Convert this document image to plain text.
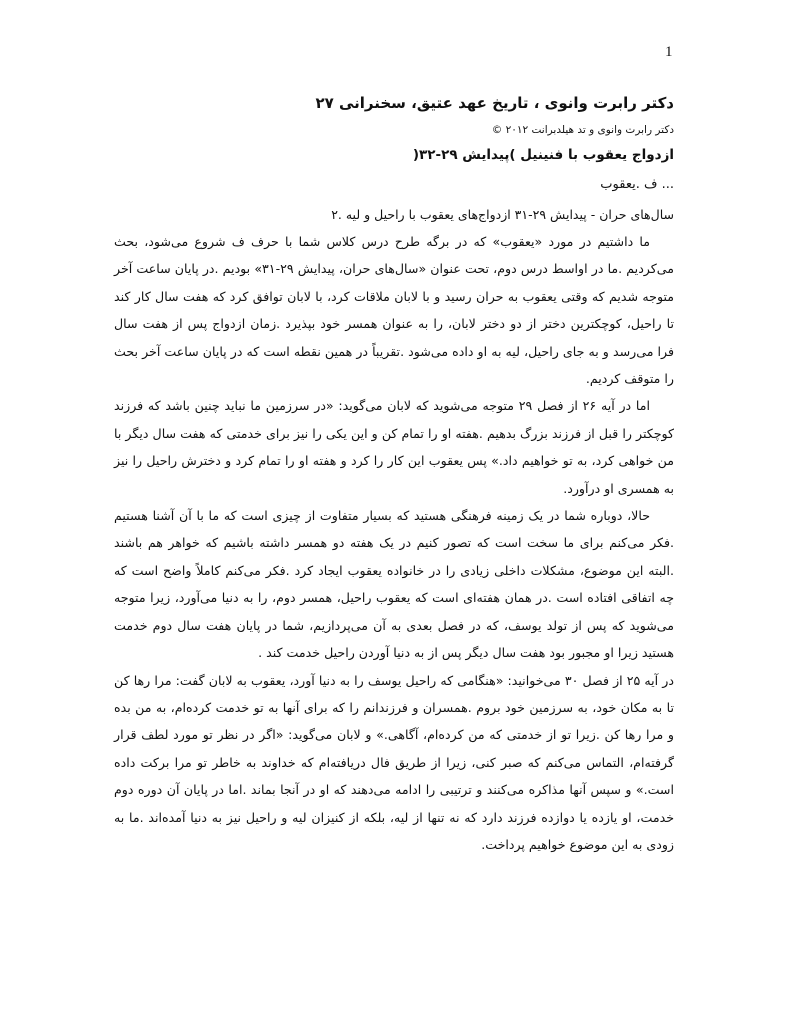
1
دکتر رابرت وانوی ، تاریخ عهد عتیق، سخنرانی ۲۷

دکتر رابرت وانوی و تد هیلدبرانت ۲۰۱۲ ©

ازدواج یعقوب با فنینیل )پیدایش ۲۹-۳۲(

... ف .یعقوب

سال‌های حران - پیدایش ۲۹-۳۱ ازدواج‌های یعقوب با راحیل و لیه .۲

ما داشتیم در مورد «یعقوب» که در برگه طرح درس کلاس شما با حرف ف شروع می‌شود، بحث می‌کردیم .ما در اواسط درس دوم، تحت عنوان «سال‌های حران، پیدایش ۲۹-۳۱» بودیم .در پایان ساعت آخر متوجه شدیم که وقتی یعقوب به حران رسید و با لابان ملاقات کرد، با لابان توافق کرد که هفت سال کار کند تا راحیل، کوچکترین دختر از دو دختر لابان، را به عنوان همسر خود بپذیرد .زمان ازدواج پس از هفت سال فرا می‌رسد و به جای راحیل، لیه به او داده می‌شود .تقریباً در همین نقطه است که در پایان ساعت آخر بحث را متوقف کردیم.

اما در آیه ۲۶ از فصل ۲۹ متوجه می‌شوید که لابان می‌گوید: «در سرزمین ما نباید چنین باشد که فرزند کوچکتر را قبل از فرزند بزرگ بدهیم .هفته او را تمام کن و این یکی را نیز برای خدمتی که هفت سال دیگر با من خواهی کرد، به تو خواهیم داد.» پس یعقوب این کار را کرد و هفته او را تمام کرد و دخترش راحیل را نیز به همسری او درآورد.

حالا، دوباره شما در یک زمینه فرهنگی هستید که بسیار متفاوت از چیزی است که ما با آن آشنا هستیم .فکر می‌کنم برای ما سخت است که تصور کنیم در یک هفته دو همسر داشته باشیم که خواهر هم باشند .البته این موضوع، مشکلات داخلی زیادی را در خانواده یعقوب ایجاد کرد .فکر می‌کنم کاملاً واضح است که چه اتفاقی افتاده است .در همان هفته‌ای است که یعقوب راحیل، همسر دوم، را به دنیا می‌آورد، زیرا متوجه می‌شوید که پس از تولد یوسف، که در فصل بعدی به آن می‌پردازیم، شما در پایان هفت سال دوم خدمت هستید زیرا او مجبور بود هفت سال دیگر پس از به دنیا آوردن راحیل خدمت کند .

در آیه ۲۵ از فصل ۳۰ می‌خوانید: «هنگامی که راحیل یوسف را به دنیا آورد، یعقوب به لابان گفت: مرا رها کن تا به مکان خود، به سرزمین خود بروم .همسران و فرزندانم را که برای آنها به تو خدمت کرده‌ام، به من بده و مرا رها کن .زیرا تو از خدمتی که من کرده‌ام، آگاهی.» و لابان می‌گوید: «اگر در نظر تو مورد لطف قرار گرفته‌ام، التماس می‌کنم که صبر کنی، زیرا از طریق فال دریافته‌ام که خداوند به خاطر تو مرا برکت داده است.» و سپس آنها مذاکره می‌کنند و ترتیبی را ادامه می‌دهند که او در آنجا بماند .اما در پایان آن دوره دوم خدمت، او یازده یا دوازده فرزند دارد که نه تنها از لیه، بلکه از کنیزان لیه و راحیل نیز به دنیا آمده‌اند .ما به زودی به این موضوع خواهیم پرداخت.
